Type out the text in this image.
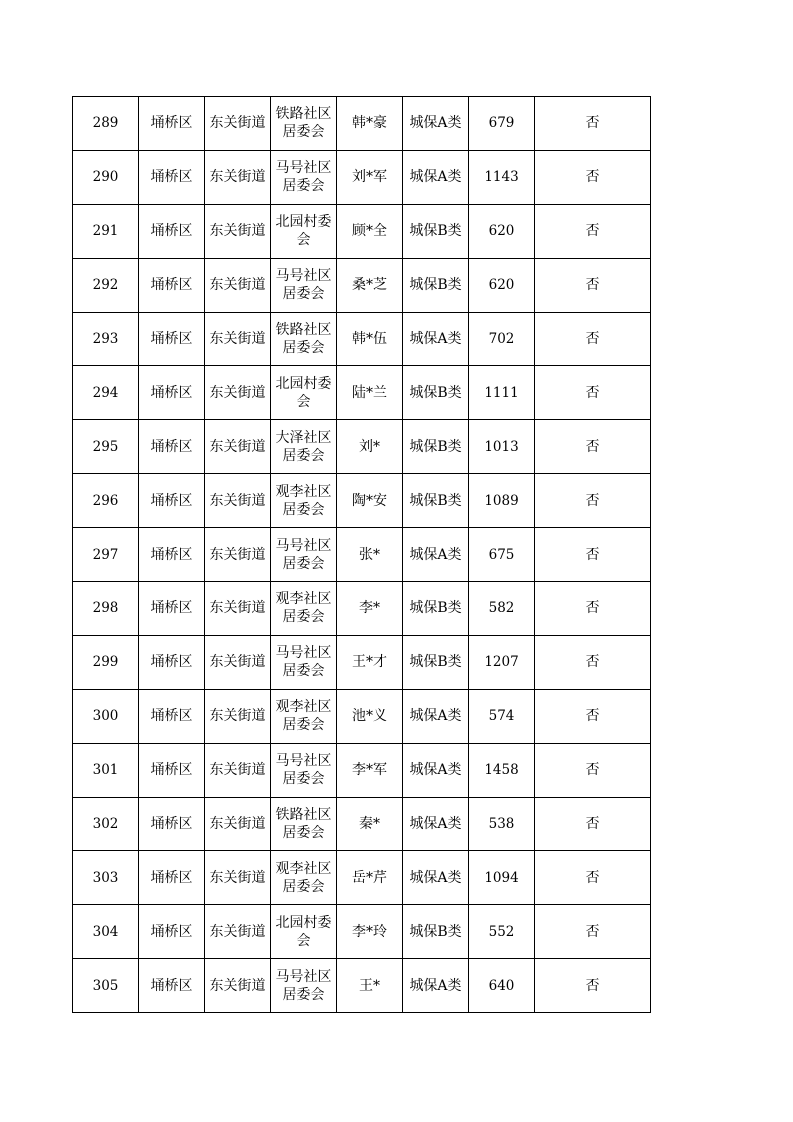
289	埇桥区	东关街道	铁路社区居委会	韩*豪	城保A类	679	否
290	埇桥区	东关街道	马号社区居委会	刘*军	城保A类	1143	否
291	埇桥区	东关街道	北园村委会	顾*全	城保B类	620	否
292	埇桥区	东关街道	马号社区居委会	桑*芝	城保B类	620	否
293	埇桥区	东关街道	铁路社区居委会	韩*伍	城保A类	702	否
294	埇桥区	东关街道	北园村委会	陆*兰	城保B类	1111	否
295	埇桥区	东关街道	大泽社区居委会	刘*	城保B类	1013	否
296	埇桥区	东关街道	观李社区居委会	陶*安	城保B类	1089	否
297	埇桥区	东关街道	马号社区居委会	张*	城保A类	675	否
298	埇桥区	东关街道	观李社区居委会	李*	城保B类	582	否
299	埇桥区	东关街道	马号社区居委会	王*才	城保B类	1207	否
300	埇桥区	东关街道	观李社区居委会	池*义	城保A类	574	否
301	埇桥区	东关街道	马号社区居委会	李*军	城保A类	1458	否
302	埇桥区	东关街道	铁路社区居委会	秦*	城保A类	538	否
303	埇桥区	东关街道	观李社区居委会	岳*芹	城保A类	1094	否
304	埇桥区	东关街道	北园村委会	李*玲	城保B类	552	否
305	埇桥区	东关街道	马号社区居委会	王*	城保A类	640	否
